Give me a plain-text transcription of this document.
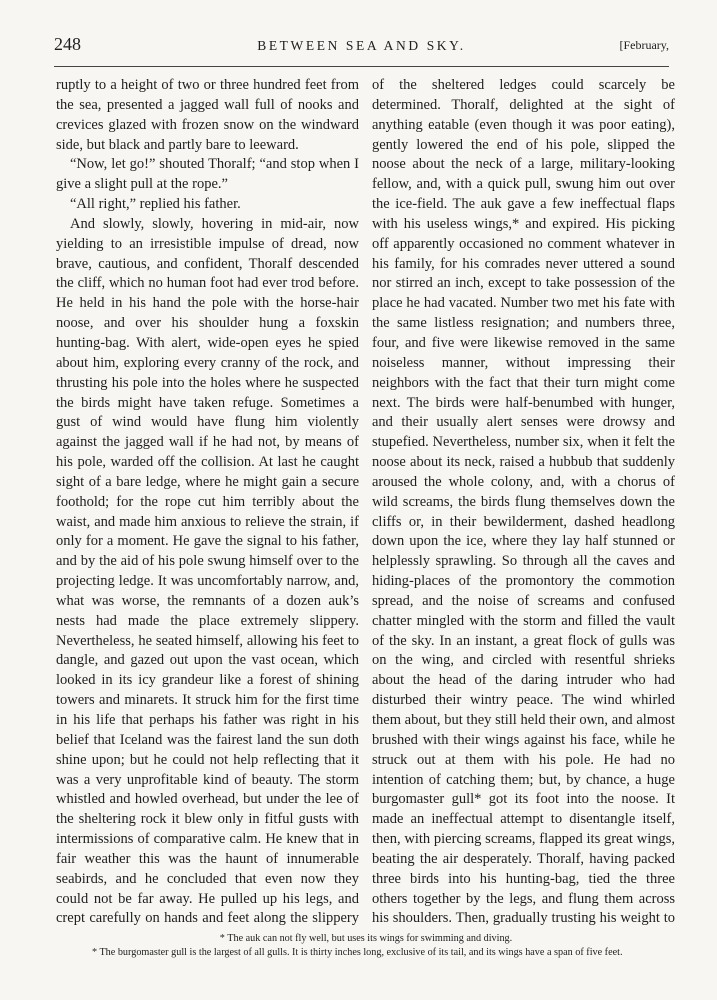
248	BETWEEN SEA AND SKY.	[February,

ruptly to a height of two or three hundred feet from the sea, presented a jagged wall full of nooks and crevices glazed with frozen snow on the windward side, but black and partly bare to leeward.

“Now, let go!” shouted Thoralf; “and stop when I give a slight pull at the rope.”

“All right,” replied his father.

And slowly, slowly, hovering in mid-air, now yielding to an irresistible impulse of dread, now brave, cautious, and confident, Thoralf descended the cliff, which no human foot had ever trod before. He held in his hand the pole with the horse-hair noose, and over his shoulder hung a foxskin hunting-bag. With alert, wide-open eyes he spied about him, exploring every cranny of the rock, and thrusting his pole into the holes where he suspected the birds might have taken refuge. Sometimes a gust of wind would have flung him violently against the jagged wall if he had not, by means of his pole, warded off the collision. At last he caught sight of a bare ledge, where he might gain a secure foothold; for the rope cut him terribly about the waist, and made him anxious to relieve the strain, if only for a moment. He gave the signal to his father, and by the aid of his pole swung himself over to the projecting ledge. It was uncomfortably narrow, and, what was worse, the remnants of a dozen auk’s nests had made the place extremely slippery. Nevertheless, he seated himself, allowing his feet to dangle, and gazed out upon the vast ocean, which looked in its icy grandeur like a forest of shining towers and minarets. It struck him for the first time in his life that perhaps his father was right in his belief that Iceland was the fairest land the sun doth shine upon; but he could not help reflecting that it was a very unprofitable kind of beauty. The storm whistled and howled overhead, but under the lee of the sheltering rock it blew only in fitful gusts with intermissions of comparative calm. He knew that in fair weather this was the haunt of innumerable seabirds, and he concluded that even now they could not be far away. He pulled up his legs, and crept carefully on hands and feet along the slippery

of the sheltered ledges could scarcely be determined. Thoralf, delighted at the sight of anything eatable (even though it was poor eating), gently lowered the end of his pole, slipped the noose about the neck of a large, military-looking fellow, and, with a quick pull, swung him out over the ice-field. The auk gave a few ineffectual flaps with his useless wings,* and expired. His picking off apparently occasioned no comment whatever in his family, for his comrades never uttered a sound nor stirred an inch, except to take possession of the place he had vacated. Number two met his fate with the same listless resignation; and numbers three, four, and five were likewise removed in the same noiseless manner, without impressing their neighbors with the fact that their turn might come next. The birds were half-benumbed with hunger, and their usually alert senses were drowsy and stupefied. Nevertheless, number six, when it felt the noose about its neck, raised a hubbub that suddenly aroused the whole colony, and, with a chorus of wild screams, the birds flung themselves down the cliffs or, in their bewilderment, dashed headlong down upon the ice, where they lay half stunned or helplessly sprawling. So through all the caves and hiding-places of the promontory the commotion spread, and the noise of screams and confused chatter mingled with the storm and filled the vault of the sky. In an instant, a great flock of gulls was on the wing, and circled with resentful shrieks about the head of the daring intruder who had disturbed their wintry peace. The wind whirled them about, but they still held their own, and almost brushed with their wings against his face, while he struck out at them with his pole. He had no intention of catching them; but, by chance, a huge burgomaster gull* got its foot into the noose. It made an ineffectual attempt to disentangle itself, then, with piercing screams, flapped its great wings, beating the air desperately. Thoralf, having packed three birds into his hunting-bag, tied the three others together by the legs, and flung them across his shoulders. Then, gradually trusting his weight to

* The auk can not fly well, but uses its wings for swimming and diving.

* The burgomaster gull is the largest of all gulls. It is thirty inches long, exclusive of its tail, and its wings have a span of five feet.
